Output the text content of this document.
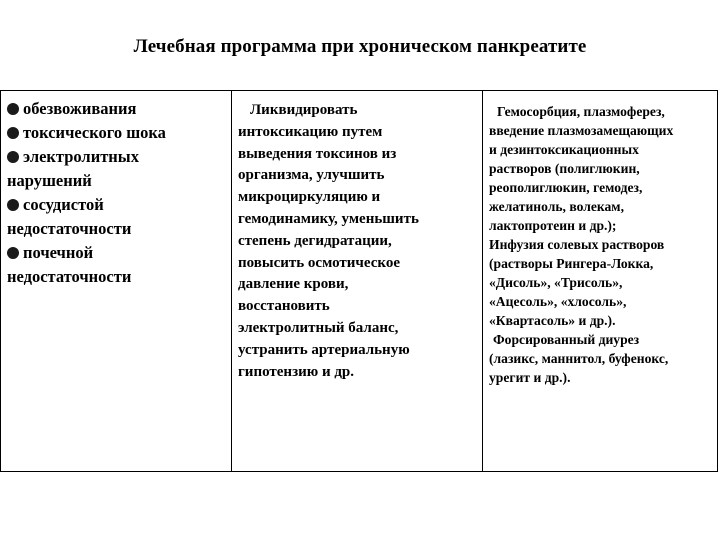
Лечебная программа при хроническом панкреатите
обезвоживания
токсического шока
электролитных
нарушений
сосудистой
недостаточности
почечной
недостаточности
Ликвидировать
интоксикацию путем
выведения токсинов из
организма, улучшить
микроциркуляцию и
гемодинамику, уменьшить
степень дегидратации,
повысить осмотическое
давление крови,
восстановить
электролитный баланс,
устранить артериальную
гипотензию и др.
Гемосорбция, плазмоферез,
введение плазмозамещающих
и дезинтоксикационных
растворов (полиглюкин,
реополиглюкин, гемодез,
желатиноль, волекам,
лактопротеин и др.);
Инфузия солевых растворов
(растворы Рингера-Локка,
«Дисоль», «Трисоль»,
«Ацесоль», «хлосоль»,
«Квартасоль» и др.).
Форсированный диурез
(лазикс, маннитол, буфенокс,
урегит и др.).
